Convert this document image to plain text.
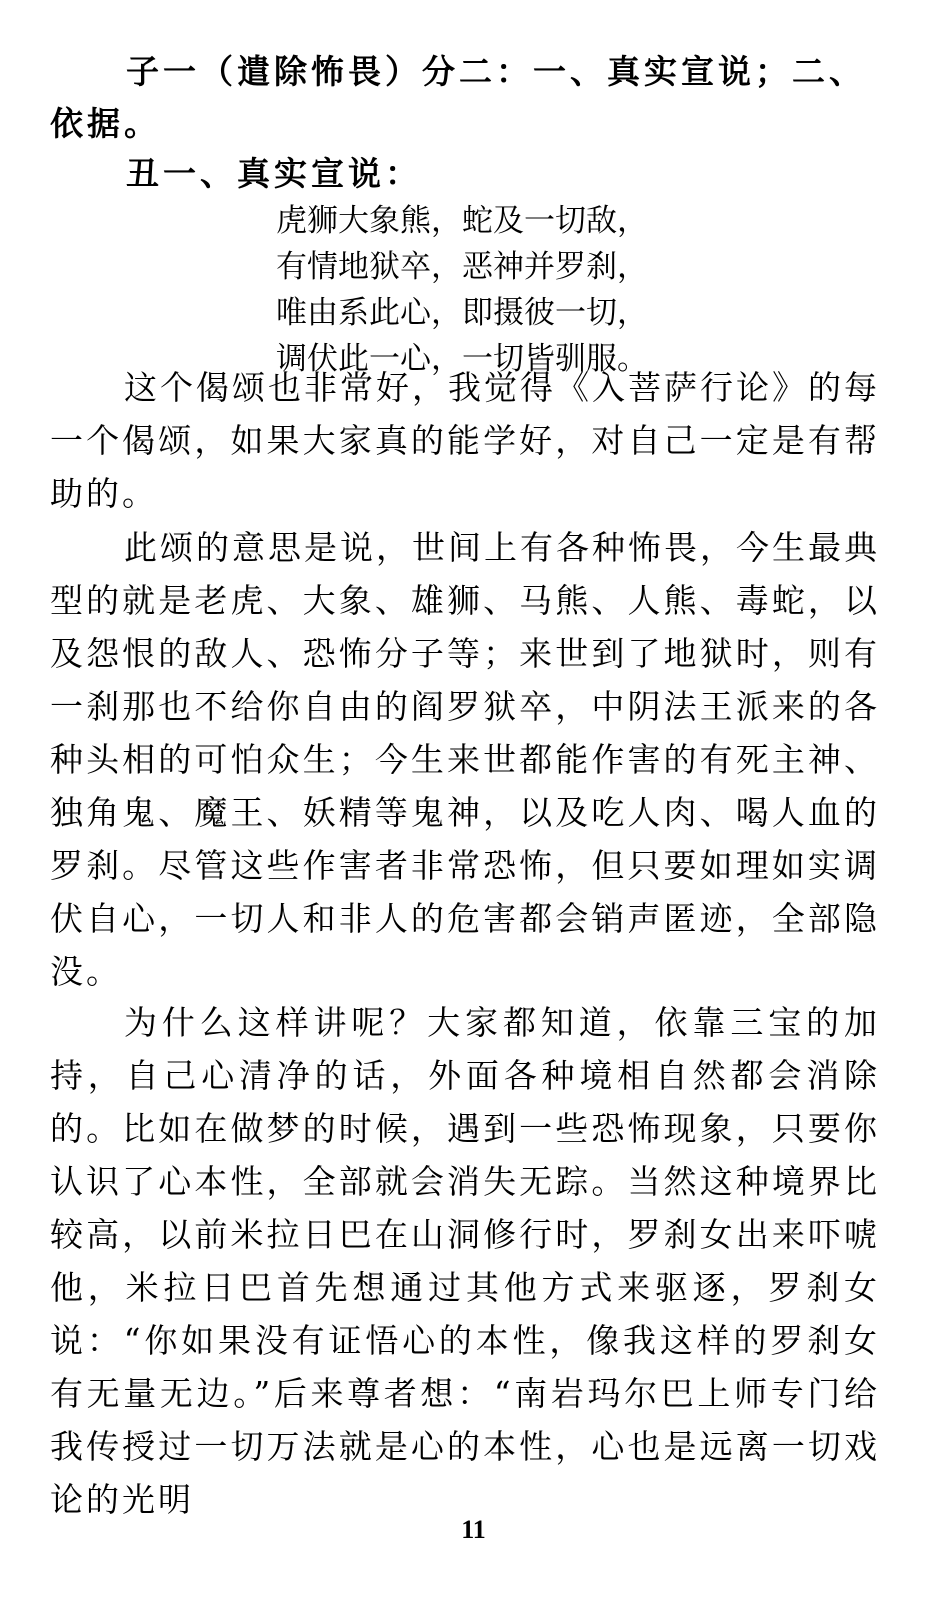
子一（遣除怖畏）分二：一、真实宣说；二、依据。
丑一、真实宣说：
虎狮大象熊，蛇及一切敌，
有情地狱卒，恶神并罗刹，
唯由系此心，即摄彼一切，
调伏此一心，一切皆驯服。

这个偈颂也非常好，我觉得《入菩萨行论》的每一个偈颂，如果大家真的能学好，对自己一定是有帮助的。

此颂的意思是说，世间上有各种怖畏，今生最典型的就是老虎、大象、雄狮、马熊、人熊、毒蛇，以及怨恨的敌人、恐怖分子等；来世到了地狱时，则有一刹那也不给你自由的阎罗狱卒，中阴法王派来的各种头相的可怕众生；今生来世都能作害的有死主神、独角鬼、魔王、妖精等鬼神，以及吃人肉、喝人血的罗刹。尽管这些作害者非常恐怖，但只要如理如实调伏自心，一切人和非人的危害都会销声匿迹，全部隐没。

为什么这样讲呢？大家都知道，依靠三宝的加持，自己心清净的话，外面各种境相自然都会消除的。比如在做梦的时候，遇到一些恐怖现象，只要你认识了心本性，全部就会消失无踪。当然这种境界比较高，以前米拉日巴在山洞修行时，罗刹女出来吓唬他，米拉日巴首先想通过其他方式来驱逐，罗刹女说：“你如果没有证悟心的本性，像我这样的罗刹女有无量无边。”后来尊者想：“南岩玛尔巴上师专门给我传授过一切万法就是心的本性，心也是远离一切戏论的光明

11
